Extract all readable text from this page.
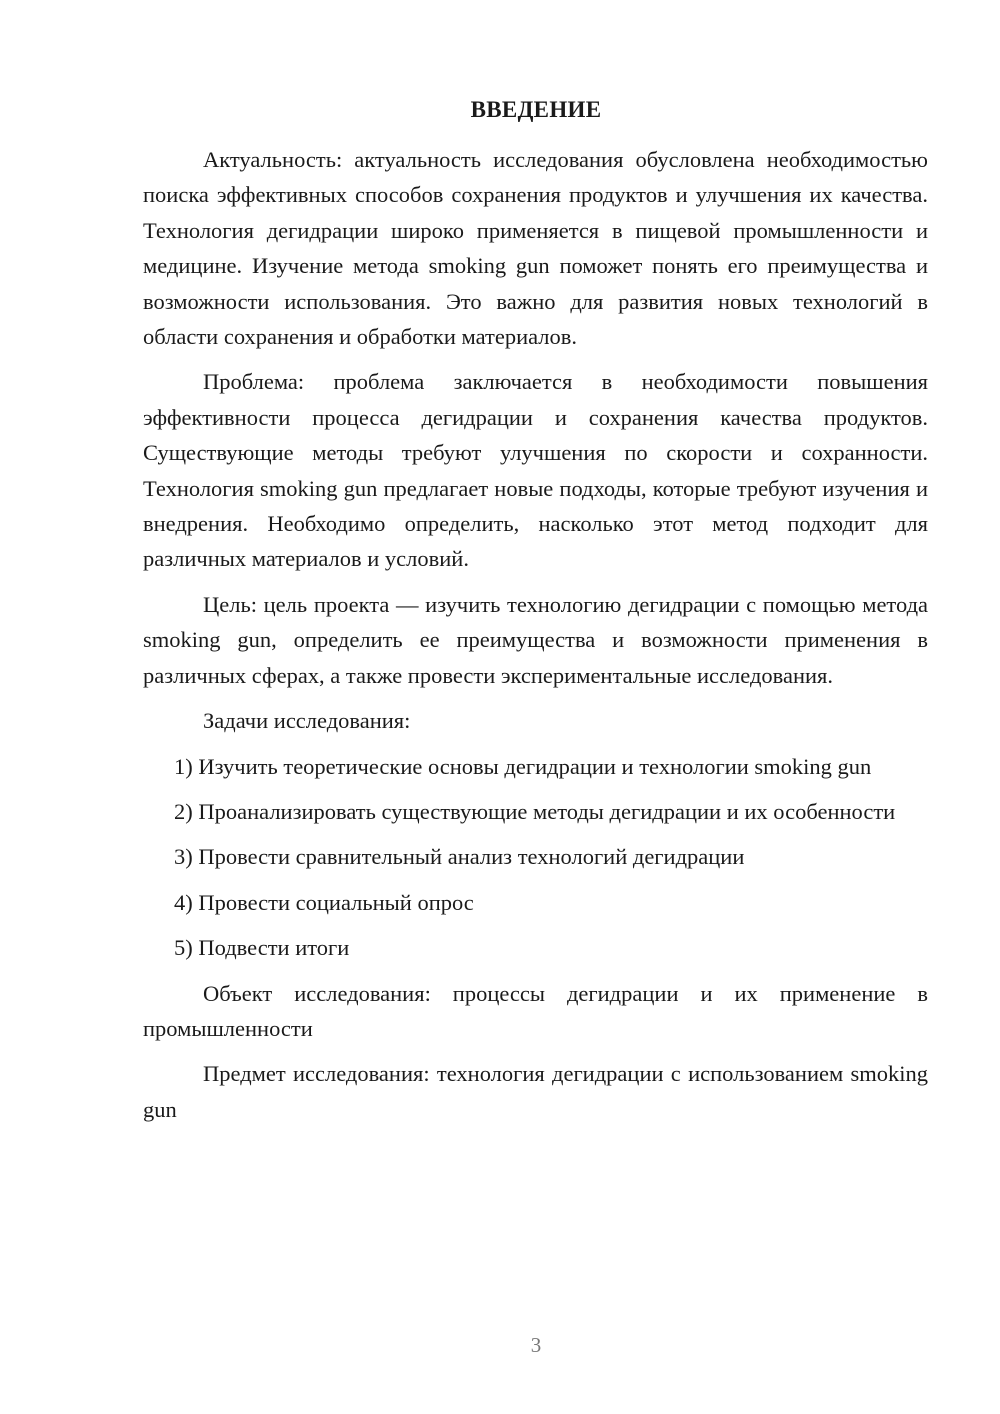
ВВЕДЕНИЕ

Актуальность: актуальность исследования обусловлена необходимостью поиска эффективных способов сохранения продуктов и улучшения их качества. Технология дегидрации широко применяется в пищевой промышленности и медицине. Изучение метода smoking gun поможет понять его преимущества и возможности использования. Это важно для развития новых технологий в области сохранения и обработки материалов.

Проблема: проблема заключается в необходимости повышения эффективности процесса дегидрации и сохранения качества продуктов. Существующие методы требуют улучшения по скорости и сохранности. Технология smoking gun предлагает новые подходы, которые требуют изучения и внедрения. Необходимо определить, насколько этот метод подходит для различных материалов и условий.

Цель: цель проекта — изучить технологию дегидрации с помощью метода smoking gun, определить ее преимущества и возможности применения в различных сферах, а также провести экспериментальные исследования.

Задачи исследования:

1) Изучить теоретические основы дегидрации и технологии smoking gun

2) Проанализировать существующие методы дегидрации и их особенности

3) Провести сравнительный анализ технологий дегидрации

4) Провести социальный опрос

5) Подвести итоги

Объект исследования: процессы дегидрации и их применение в промышленности

Предмет исследования: технология дегидрации с использованием smoking gun

3
